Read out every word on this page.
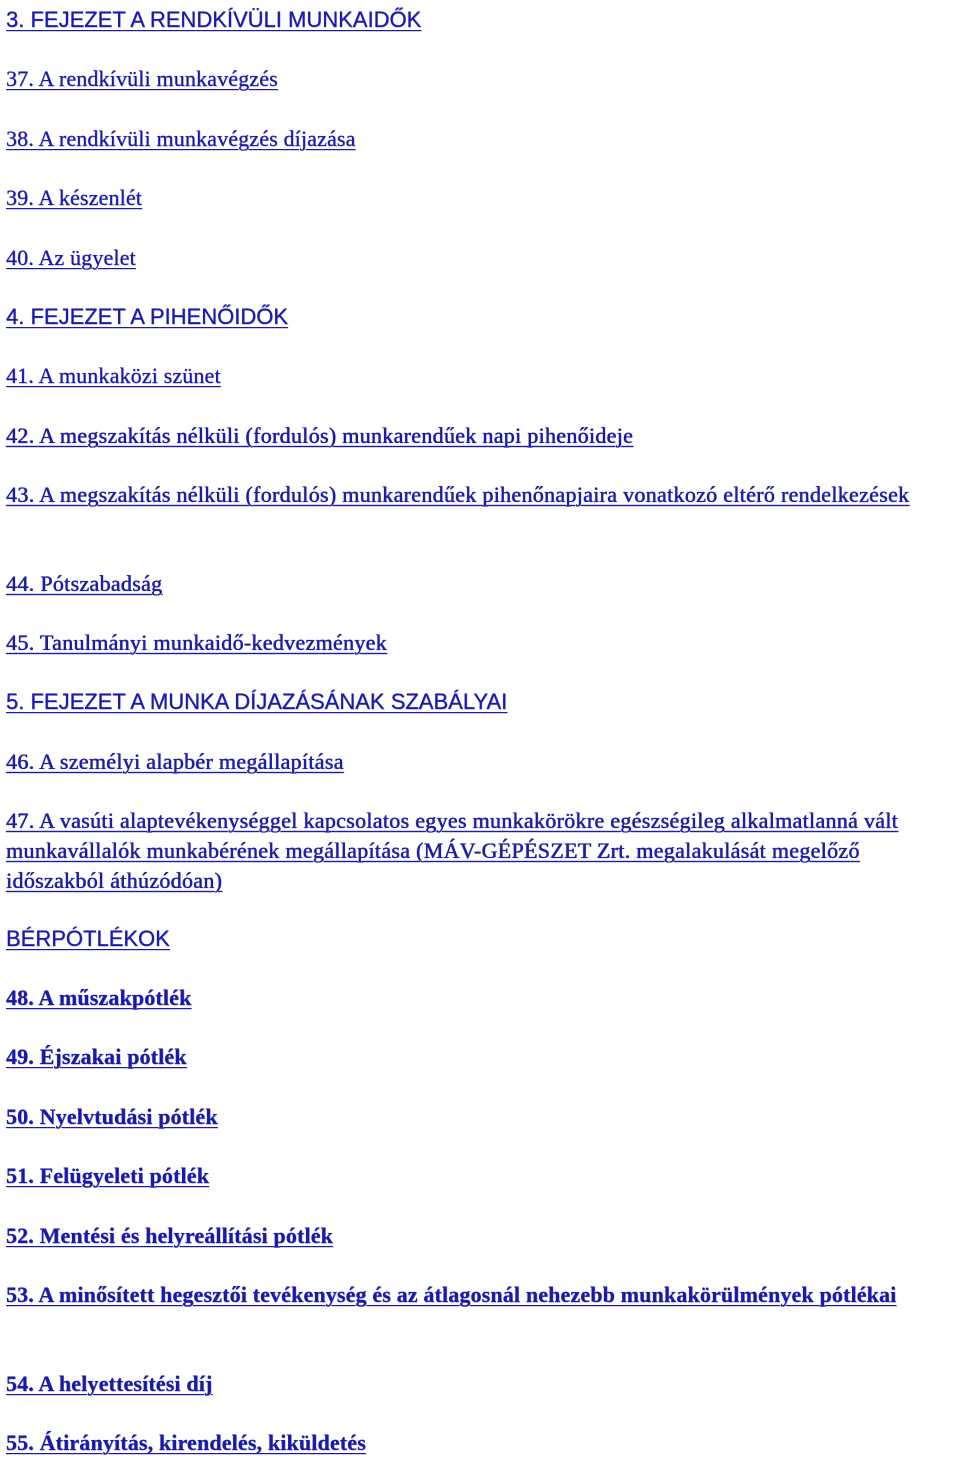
3. FEJEZET A RENDKÍVÜLI MUNKAIDŐK
37. A rendkívüli munkavégzés
38. A rendkívüli munkavégzés díjazása
39. A készenlét
40. Az ügyelet
4. FEJEZET A PIHENŐIDŐK
41. A munkaközi szünet
42. A megszakítás nélküli (fordulós) munkarendűek napi pihenőideje
43. A megszakítás nélküli (fordulós) munkarendűek pihenőnapjaira vonatkozó eltérő rendelkezések
44. Pótszabadság
45. Tanulmányi munkaidő-kedvezmények
5. FEJEZET A MUNKA DÍJAZÁSÁNAK SZABÁLYAI
46. A személyi alapbér megállapítása
47. A vasúti alaptevékenységgel kapcsolatos egyes munkakörökre egészségileg alkalmatlanná vált munkavállalók munkabérének megállapítása (MÁV-GÉPÉSZET Zrt. megalakulását megelőző időszakból áthúzódóan)
BÉRPÓTLÉKOK
48. A műszakpótlék
49. Éjszakai pótlék
50. Nyelvtudási pótlék
51. Felügyeleti pótlék
52. Mentési és helyreállítási pótlék
53. A minősített hegesztői tevékenység és az átlagosnál nehezebb munkakörülmények pótlékai
54. A helyettesítési díj
55. Átirányítás, kirendelés, kiküldetés
